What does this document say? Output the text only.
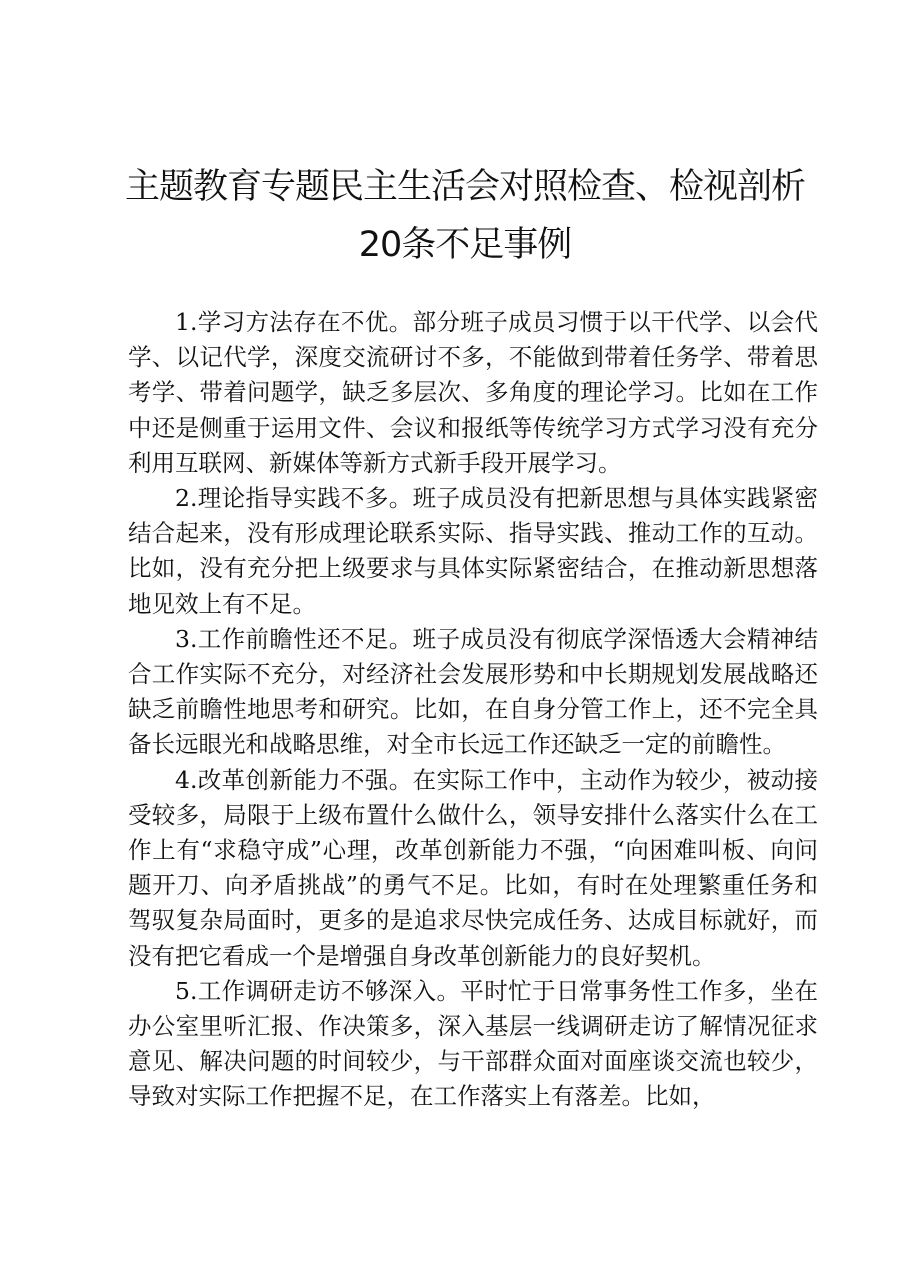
主题教育专题民主生活会对照检查、检视剖析
20条不足事例

1.学习方法存在不优。部分班子成员习惯于以干代学、以会代学、以记代学，深度交流研讨不多，不能做到带着任务学、带着思考学、带着问题学，缺乏多层次、多角度的理论学习。比如在工作中还是侧重于运用文件、会议和报纸等传统学习方式学习没有充分利用互联网、新媒体等新方式新手段开展学习。

2.理论指导实践不多。班子成员没有把新思想与具体实践紧密结合起来，没有形成理论联系实际、指导实践、推动工作的互动。比如，没有充分把上级要求与具体实际紧密结合，在推动新思想落地见效上有不足。

3.工作前瞻性还不足。班子成员没有彻底学深悟透大会精神结合工作实际不充分，对经济社会发展形势和中长期规划发展战略还缺乏前瞻性地思考和研究。比如，在自身分管工作上，还不完全具备长远眼光和战略思维，对全市长远工作还缺乏一定的前瞻性。

4.改革创新能力不强。在实际工作中，主动作为较少，被动接受较多，局限于上级布置什么做什么，领导安排什么落实什么在工作上有“求稳守成”心理，改革创新能力不强，“向困难叫板、向问题开刀、向矛盾挑战”的勇气不足。比如，有时在处理繁重任务和驾驭复杂局面时，更多的是追求尽快完成任务、达成目标就好，而没有把它看成一个是增强自身改革创新能力的良好契机。

5.工作调研走访不够深入。平时忙于日常事务性工作多，坐在办公室里听汇报、作决策多，深入基层一线调研走访了解情况征求意见、解决问题的时间较少，与干部群众面对面座谈交流也较少，导致对实际工作把握不足，在工作落实上有落差。比如，
